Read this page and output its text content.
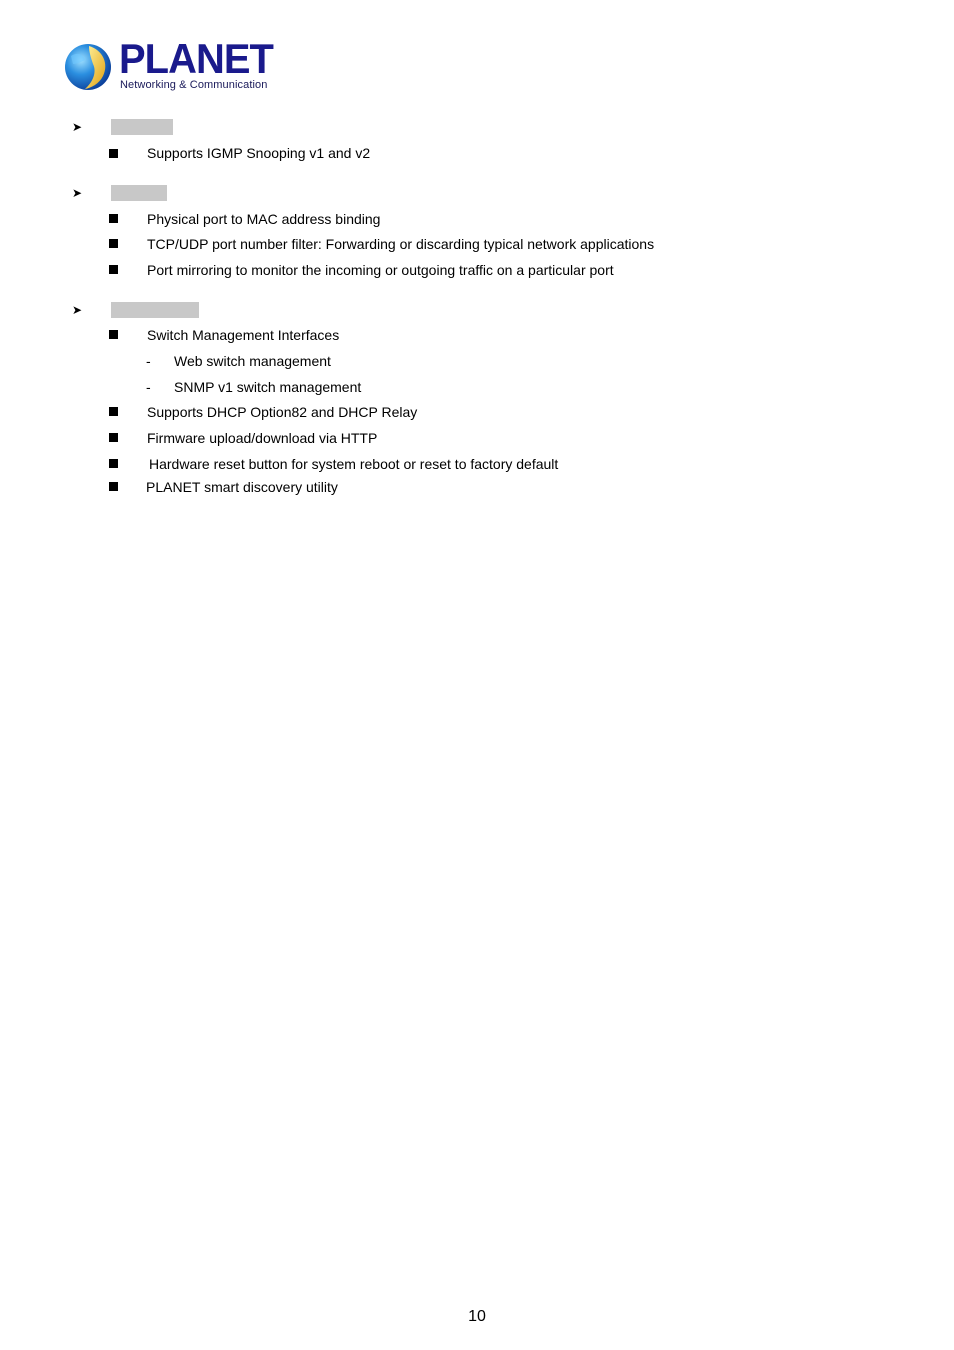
PLANET
Networking & Communication
➤
Supports IGMP Snooping v1 and v2
➤
Physical port to MAC address binding
TCP/UDP port number filter: Forwarding or discarding typical network applications
Port mirroring to monitor the incoming or outgoing traffic on a particular port
➤
Switch Management Interfaces
- Web switch management
- SNMP v1 switch management
Supports DHCP Option82 and DHCP Relay
Firmware upload/download via HTTP
Hardware reset button for system reboot or reset to factory default
PLANET smart discovery utility
10
